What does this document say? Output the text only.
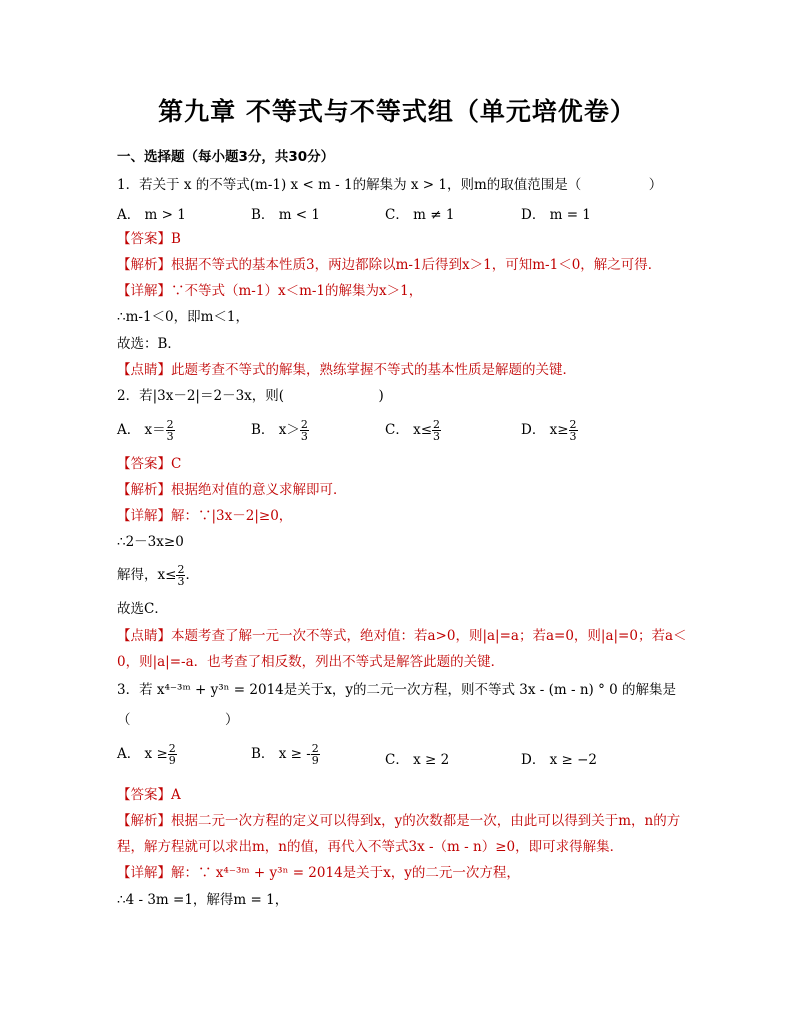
第九章 不等式与不等式组（单元培优卷）
一、选择题（每小题3分，共30分）
1．若关于 x 的不等式(m-1) x < m - 1的解集为 x > 1，则m的取值范围是（　　　　　）
A． m > 1	B． m < 1	C． m ≠ 1	D． m = 1
【答案】B
【解析】根据不等式的基本性质3，两边都除以m-1后得到x＞1，可知m-1＜0，解之可得．
【详解】∵不等式（m-1）x＜m-1的解集为x＞1，
∴m-1＜0，即m＜1，
故选：B．
【点睛】此题考查不等式的解集，熟练掌握不等式的基本性质是解题的关键．
2．若|3x－2|＝2－3x，则(　　　　　　　)
A． $x= \frac{2}{3}$	B． $x> \frac{2}{3}$	C． $x\le \frac{2}{3}$	D． $x\ge \frac{2}{3}$
【答案】C
【解析】根据绝对值的意义求解即可．
【详解】解：∵|3x－2|≥0，
∴2－3x≥0
解得，$x\le \frac{2}{3}$ ．
故选C．
【点睛】本题考查了解一元一次不等式，绝对值：若a>0，则|a|=a；若a=0，则|a|=0；若a＜
0，则|a|=-a．也考查了相反数，列出不等式是解答此题的关键．
3．若 x⁴⁻³ᵐ + y³ⁿ = 2014是关于x，y的二元一次方程，则不等式 3x - (m - n) ° 0 的解集是
（　　　　　　　）
A． $x \ge \frac{2}{9}$	B． x ≥ - $\frac{2}{9}$	C． x ≥ 2	D． x ≥ −2
【答案】A
【解析】根据二元一次方程的定义可以得到x，y的次数都是一次，由此可以得到关于m，n的方
程，解方程就可以求出m，n的值，再代入不等式3x -（m - n）≥0，即可求得解集．
【详解】解：∵ x⁴⁻³ᵐ + y³ⁿ = 2014是关于x，y的二元一次方程，
∴4 - 3m =1，解得m = 1，
